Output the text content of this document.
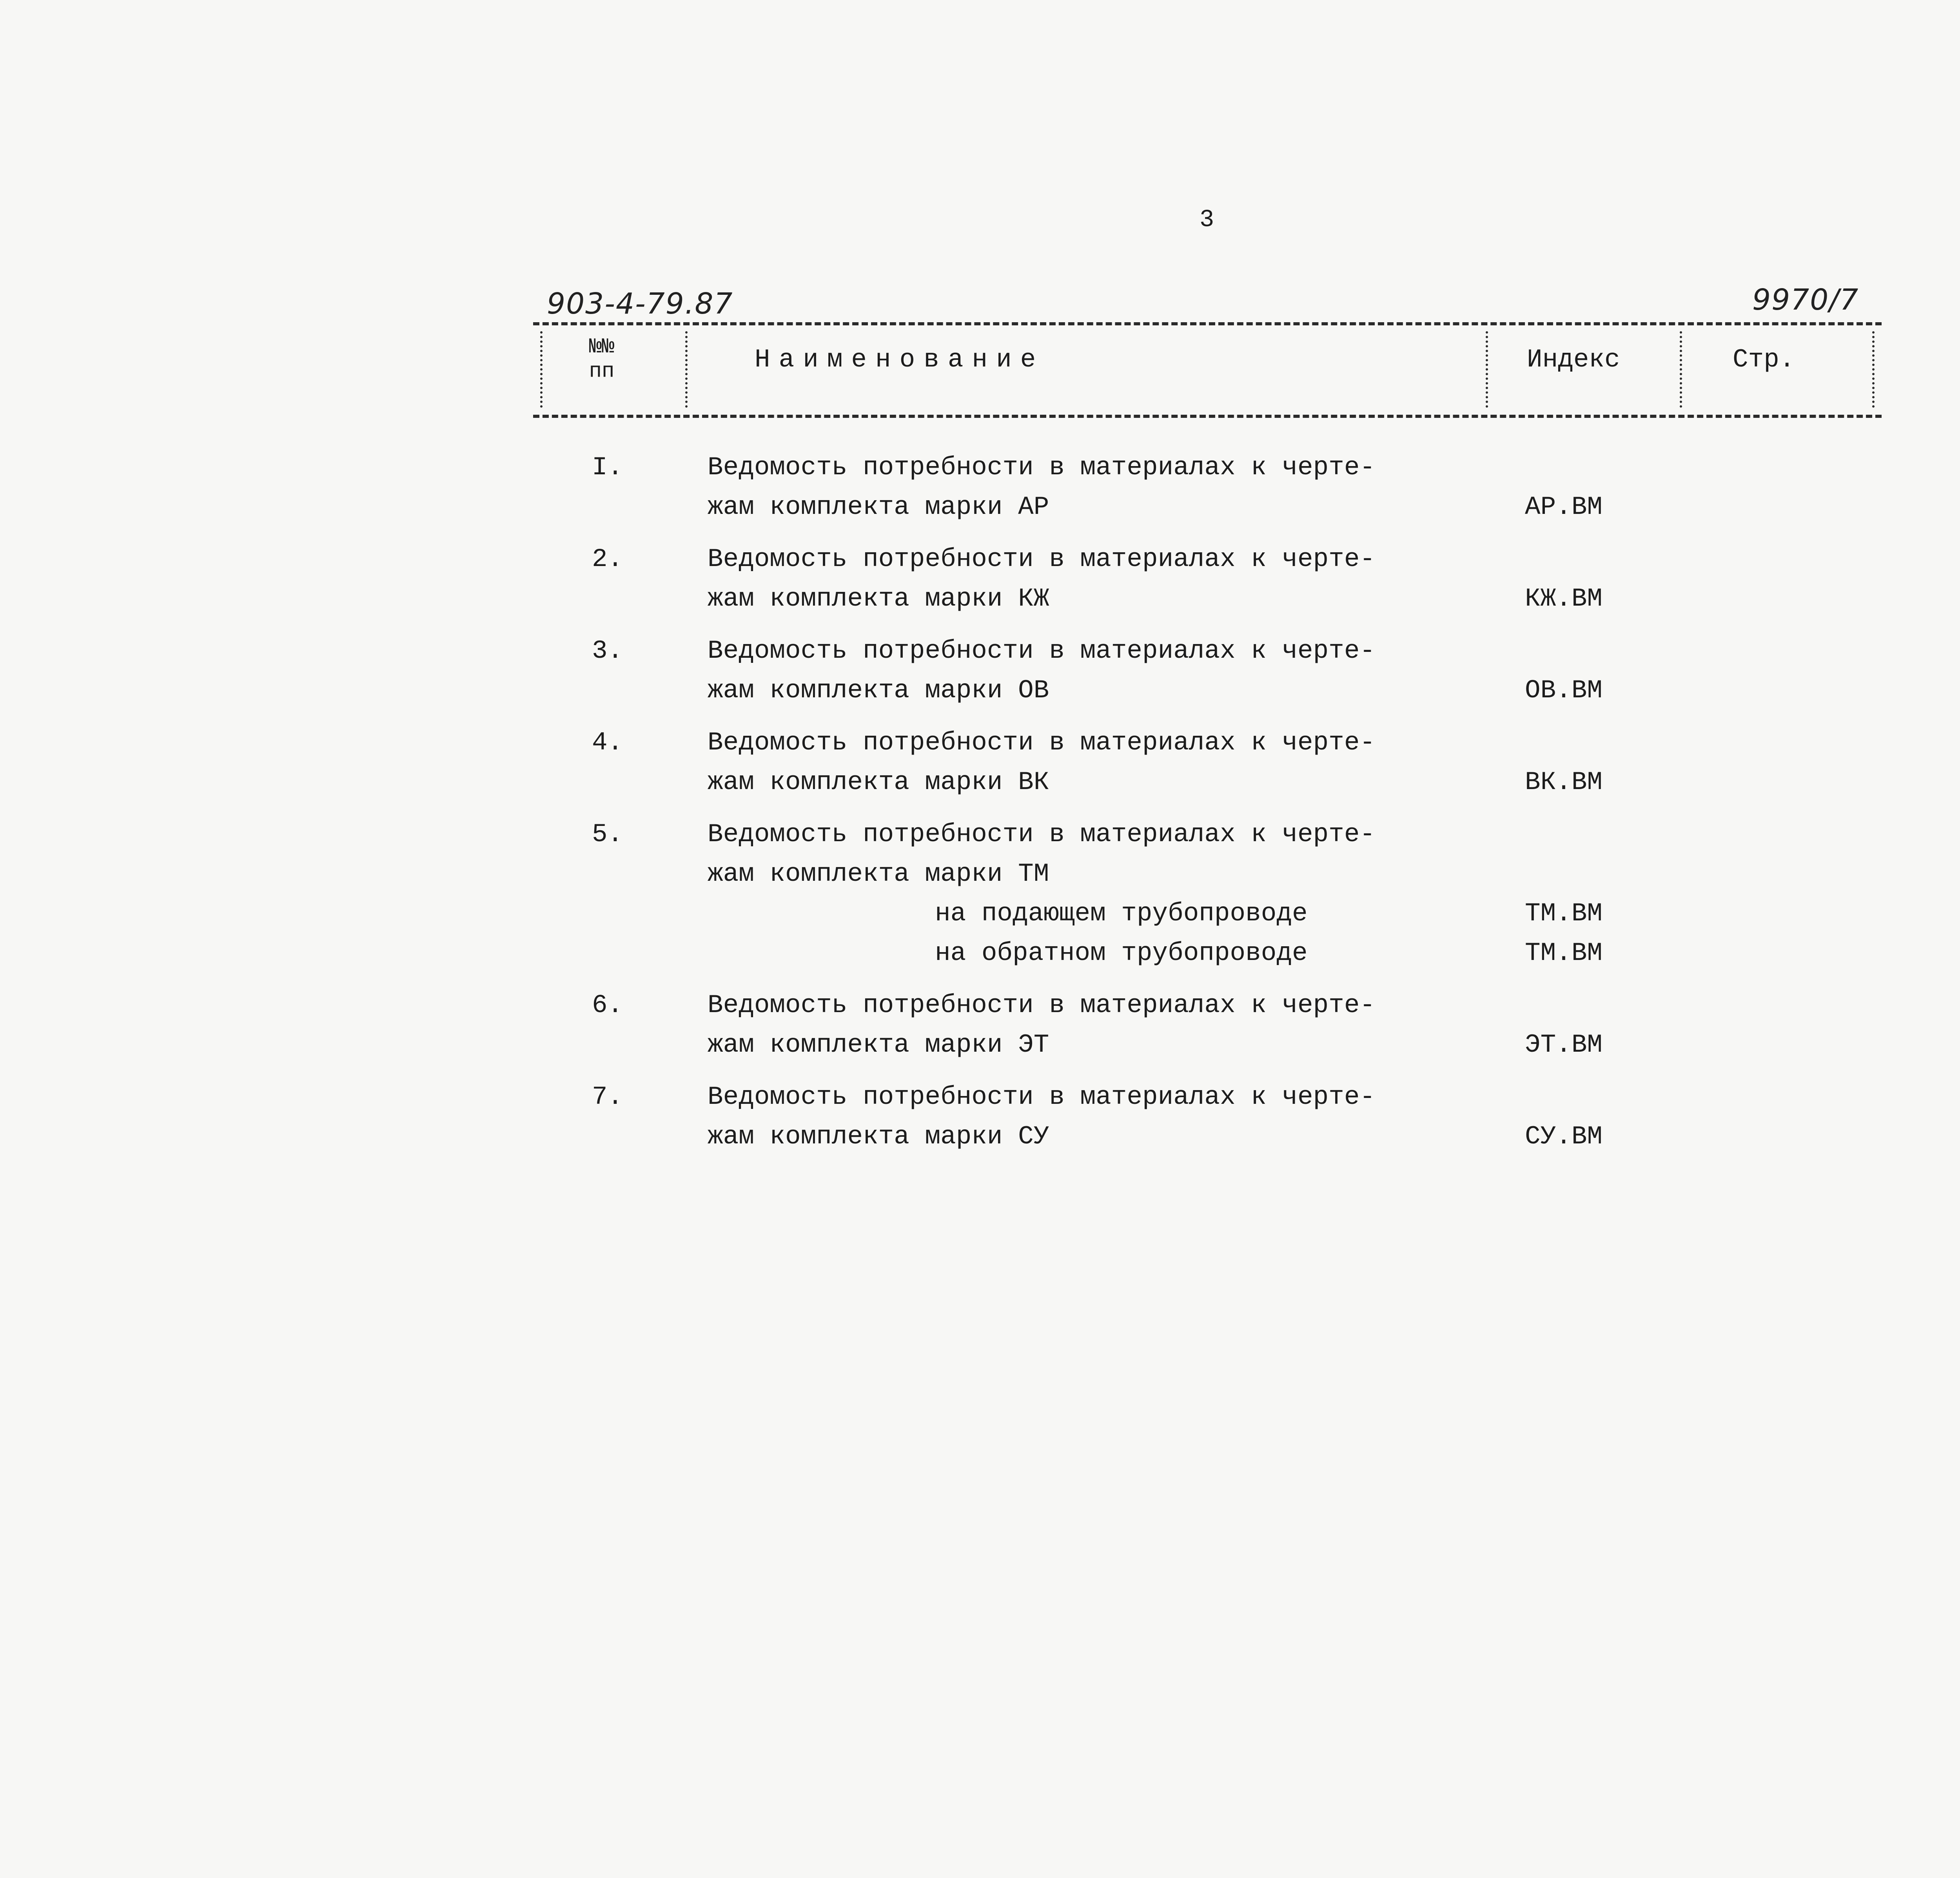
3
903-4-79.87	9970/7
№№
пп	Наименование	Индекс	Стр.
I.	Ведомость потребности в материалах к черте-
жам комплекта марки АР	АР.ВМ
2.	Ведомость потребности в материалах к черте-
жам комплекта марки КЖ	КЖ.ВМ
3.	Ведомость потребности в материалах к черте-
жам комплекта марки ОВ	ОВ.ВМ
4.	Ведомость потребности в материалах к черте-
жам комплекта марки ВК	ВК.ВМ
5.	Ведомость потребности в материалах к черте-
жам комплекта марки ТМ
на подающем трубопроводе	ТМ.ВМ
на обратном трубопроводе	ТМ.ВМ
6.	Ведомость потребности в материалах к черте-
жам комплекта марки ЭТ	ЭТ.ВМ
7.	Ведомость потребности в материалах к черте-
жам комплекта марки СУ	СУ.ВМ
